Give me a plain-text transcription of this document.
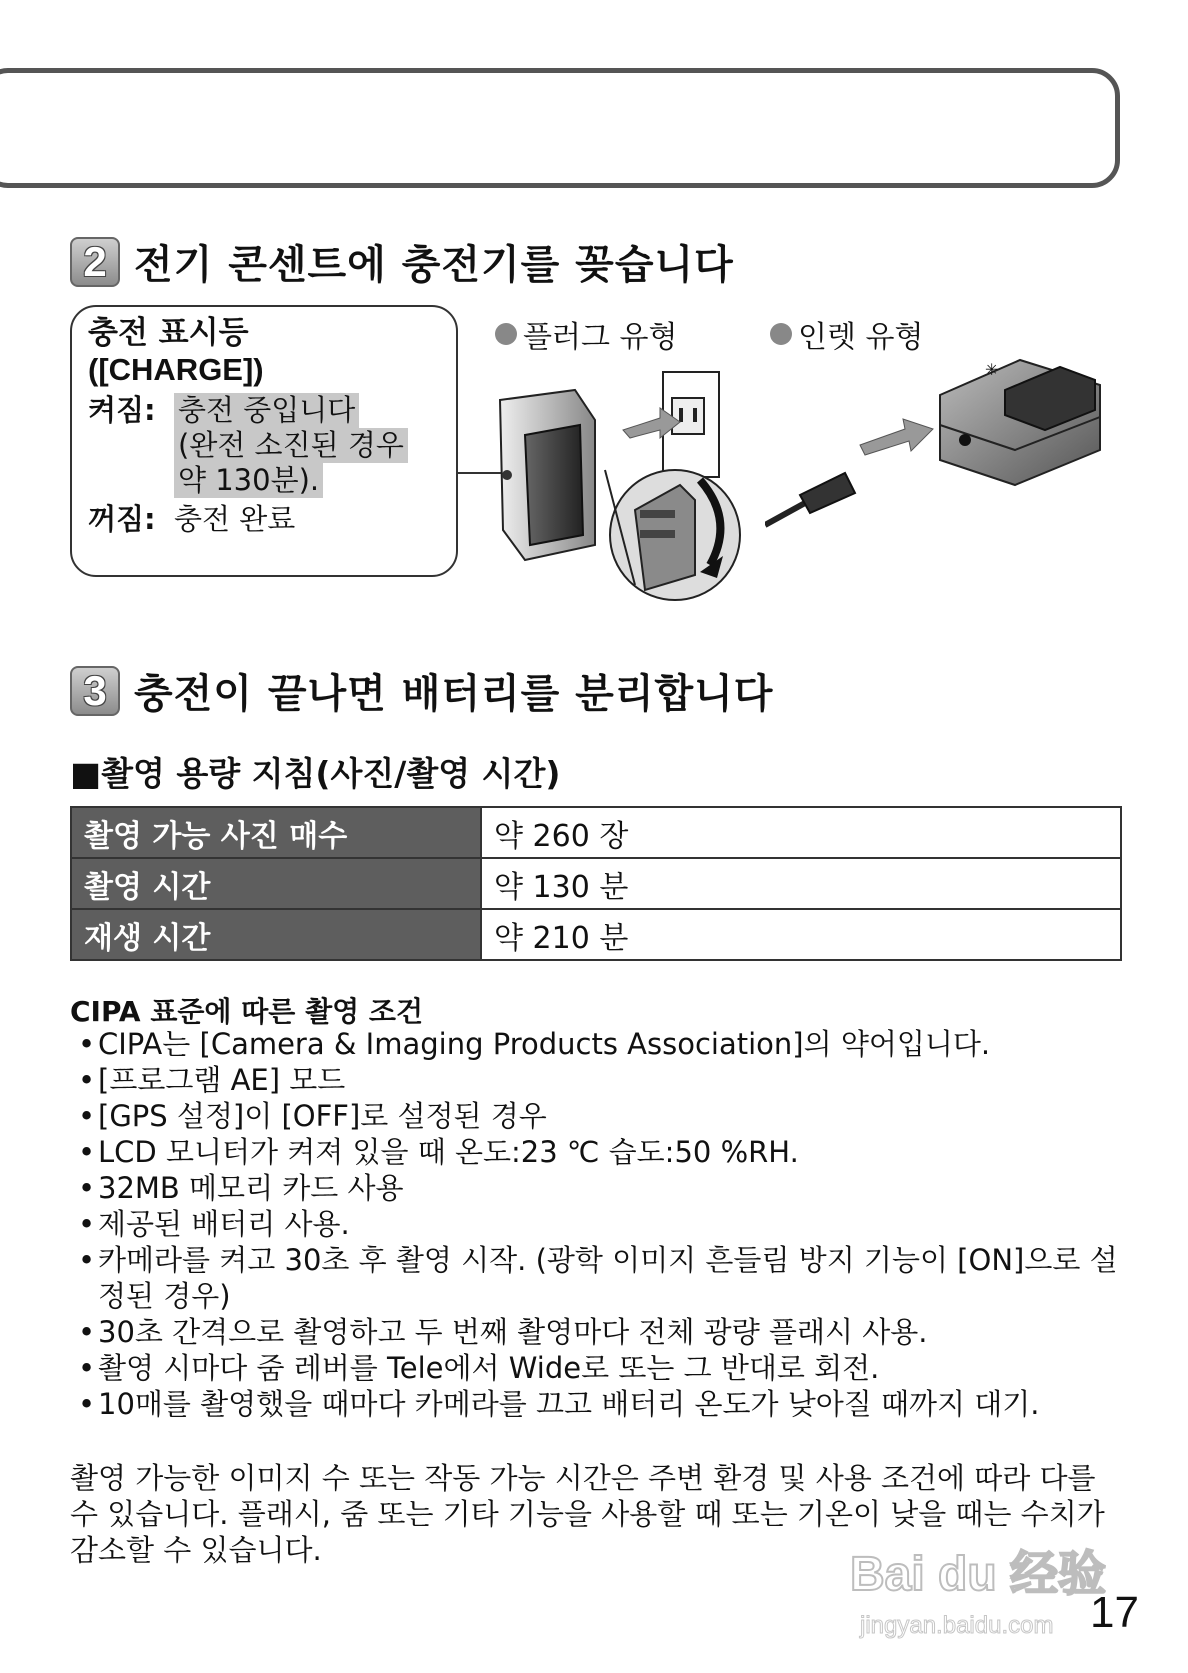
2 전기 콘센트에 충전기를 꽂습니다
충전 표시등
([CHARGE])
켜짐: 충전 중입니다
(완전 소진된 경우
약 130분).
꺼짐: 충전 완료
플러그 유형	인렛 유형
✳
3 충전이 끝나면 배터리를 분리합니다
■촬영 용량 지침(사진/촬영 시간)
촬영 가능 사진 매수	약 260 장
촬영 시간	약 130 분
재생 시간	약 210 분
CIPA 표준에 따른 촬영 조건
• CIPA는 [Camera & Imaging Products Association]의 약어입니다.
• [프로그램 AE] 모드
• [GPS 설정]이 [OFF]로 설정된 경우
• LCD 모니터가 켜져 있을 때 온도:23 ℃ 습도:50 %RH.
• 32MB 메모리 카드 사용
• 제공된 배터리 사용.
• 카메라를 켜고 30초 후 촬영 시작. (광학 이미지 흔들림 방지 기능이 [ON]으로 설정된 경우)
• 30초 간격으로 촬영하고 두 번째 촬영마다 전체 광량 플래시 사용.
• 촬영 시마다 줌 레버를 Tele에서 Wide로 또는 그 반대로 회전.
• 10매를 촬영했을 때마다 카메라를 끄고 배터리 온도가 낮아질 때까지 대기.

촬영 가능한 이미지 수 또는 작동 가능 시간은 주변 환경 및 사용 조건에 따라 다를 수 있습니다. 플래시, 줌 또는 기타 기능을 사용할 때 또는 기온이 낮을 때는 수치가 감소할 수 있습니다.	Bai du 经验
jingyan.baidu.com 17
